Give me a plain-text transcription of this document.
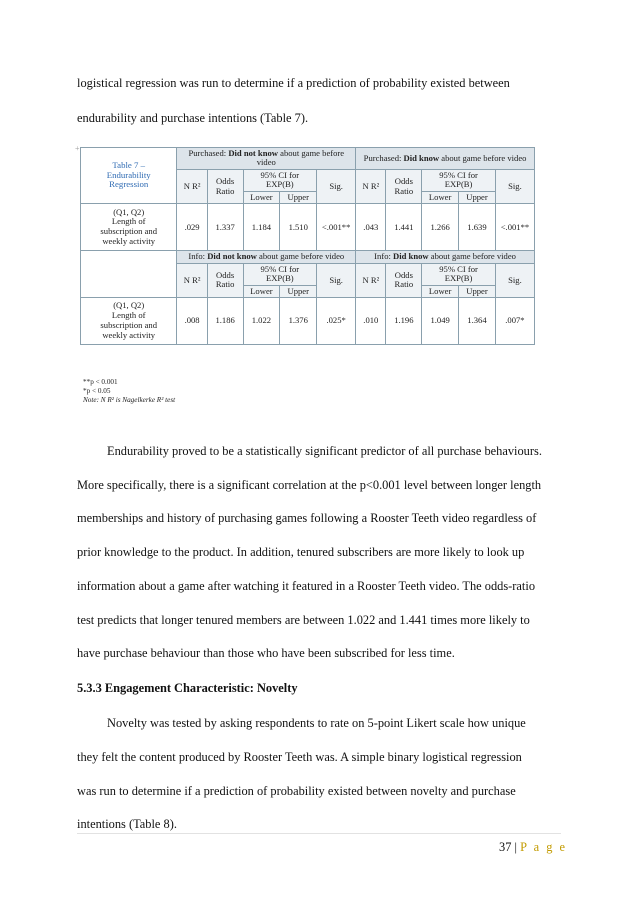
logistical regression was run to determine if a prediction of probability existed between

endurability and purchase intentions (Table 7).

+
Table 7 –
Endurability
Regression	Purchased: Did not know about game before video					Purchased: Did know about game before video				
	N R²	Odds
Ratio	95% CI for
EXP(B)		Sig.	N R²	Odds
Ratio	95% CI for
EXP(B)		Sig.
			Lower	Upper				Lower	Upper	
(Q1, Q2)
Length of
subscription and
weekly activity	.029	1.337	1.184	1.510	<.001**	.043	1.441	1.266	1.639	<.001**
	Info: Did not know about game before video					Info: Did know about game before video				
	N R²	Odds
Ratio	95% CI for
EXP(B)		Sig.	N R²	Odds
Ratio	95% CI for
EXP(B)		Sig.
			Lower	Upper				Lower	Upper	
(Q1, Q2)
Length of
subscription and
weekly activity	.008	1.186	1.022	1.376	.025*	.010	1.196	1.049	1.364	.007*
**p < 0.001
*p < 0.05
Note: N R² is Nagelkerke R² test

Endurability proved to be a statistically significant predictor of all purchase behaviours.

More specifically, there is a significant correlation at the p<0.001 level between longer length

memberships and history of purchasing games following a Rooster Teeth video regardless of

prior knowledge to the product. In addition, tenured subscribers are more likely to look up

information about a game after watching it featured in a Rooster Teeth video. The odds-ratio

test predicts that longer tenured members are between 1.022 and 1.441 times more likely to

have purchase behaviour than those who have been subscribed for less time.

5.3.3 Engagement Characteristic: Novelty

Novelty was tested by asking respondents to rate on 5-point Likert scale how unique

they felt the content produced by Rooster Teeth was. A simple binary logistical regression

was run to determine if a prediction of probability existed between novelty and purchase

intentions (Table 8).

37 | P a g e
